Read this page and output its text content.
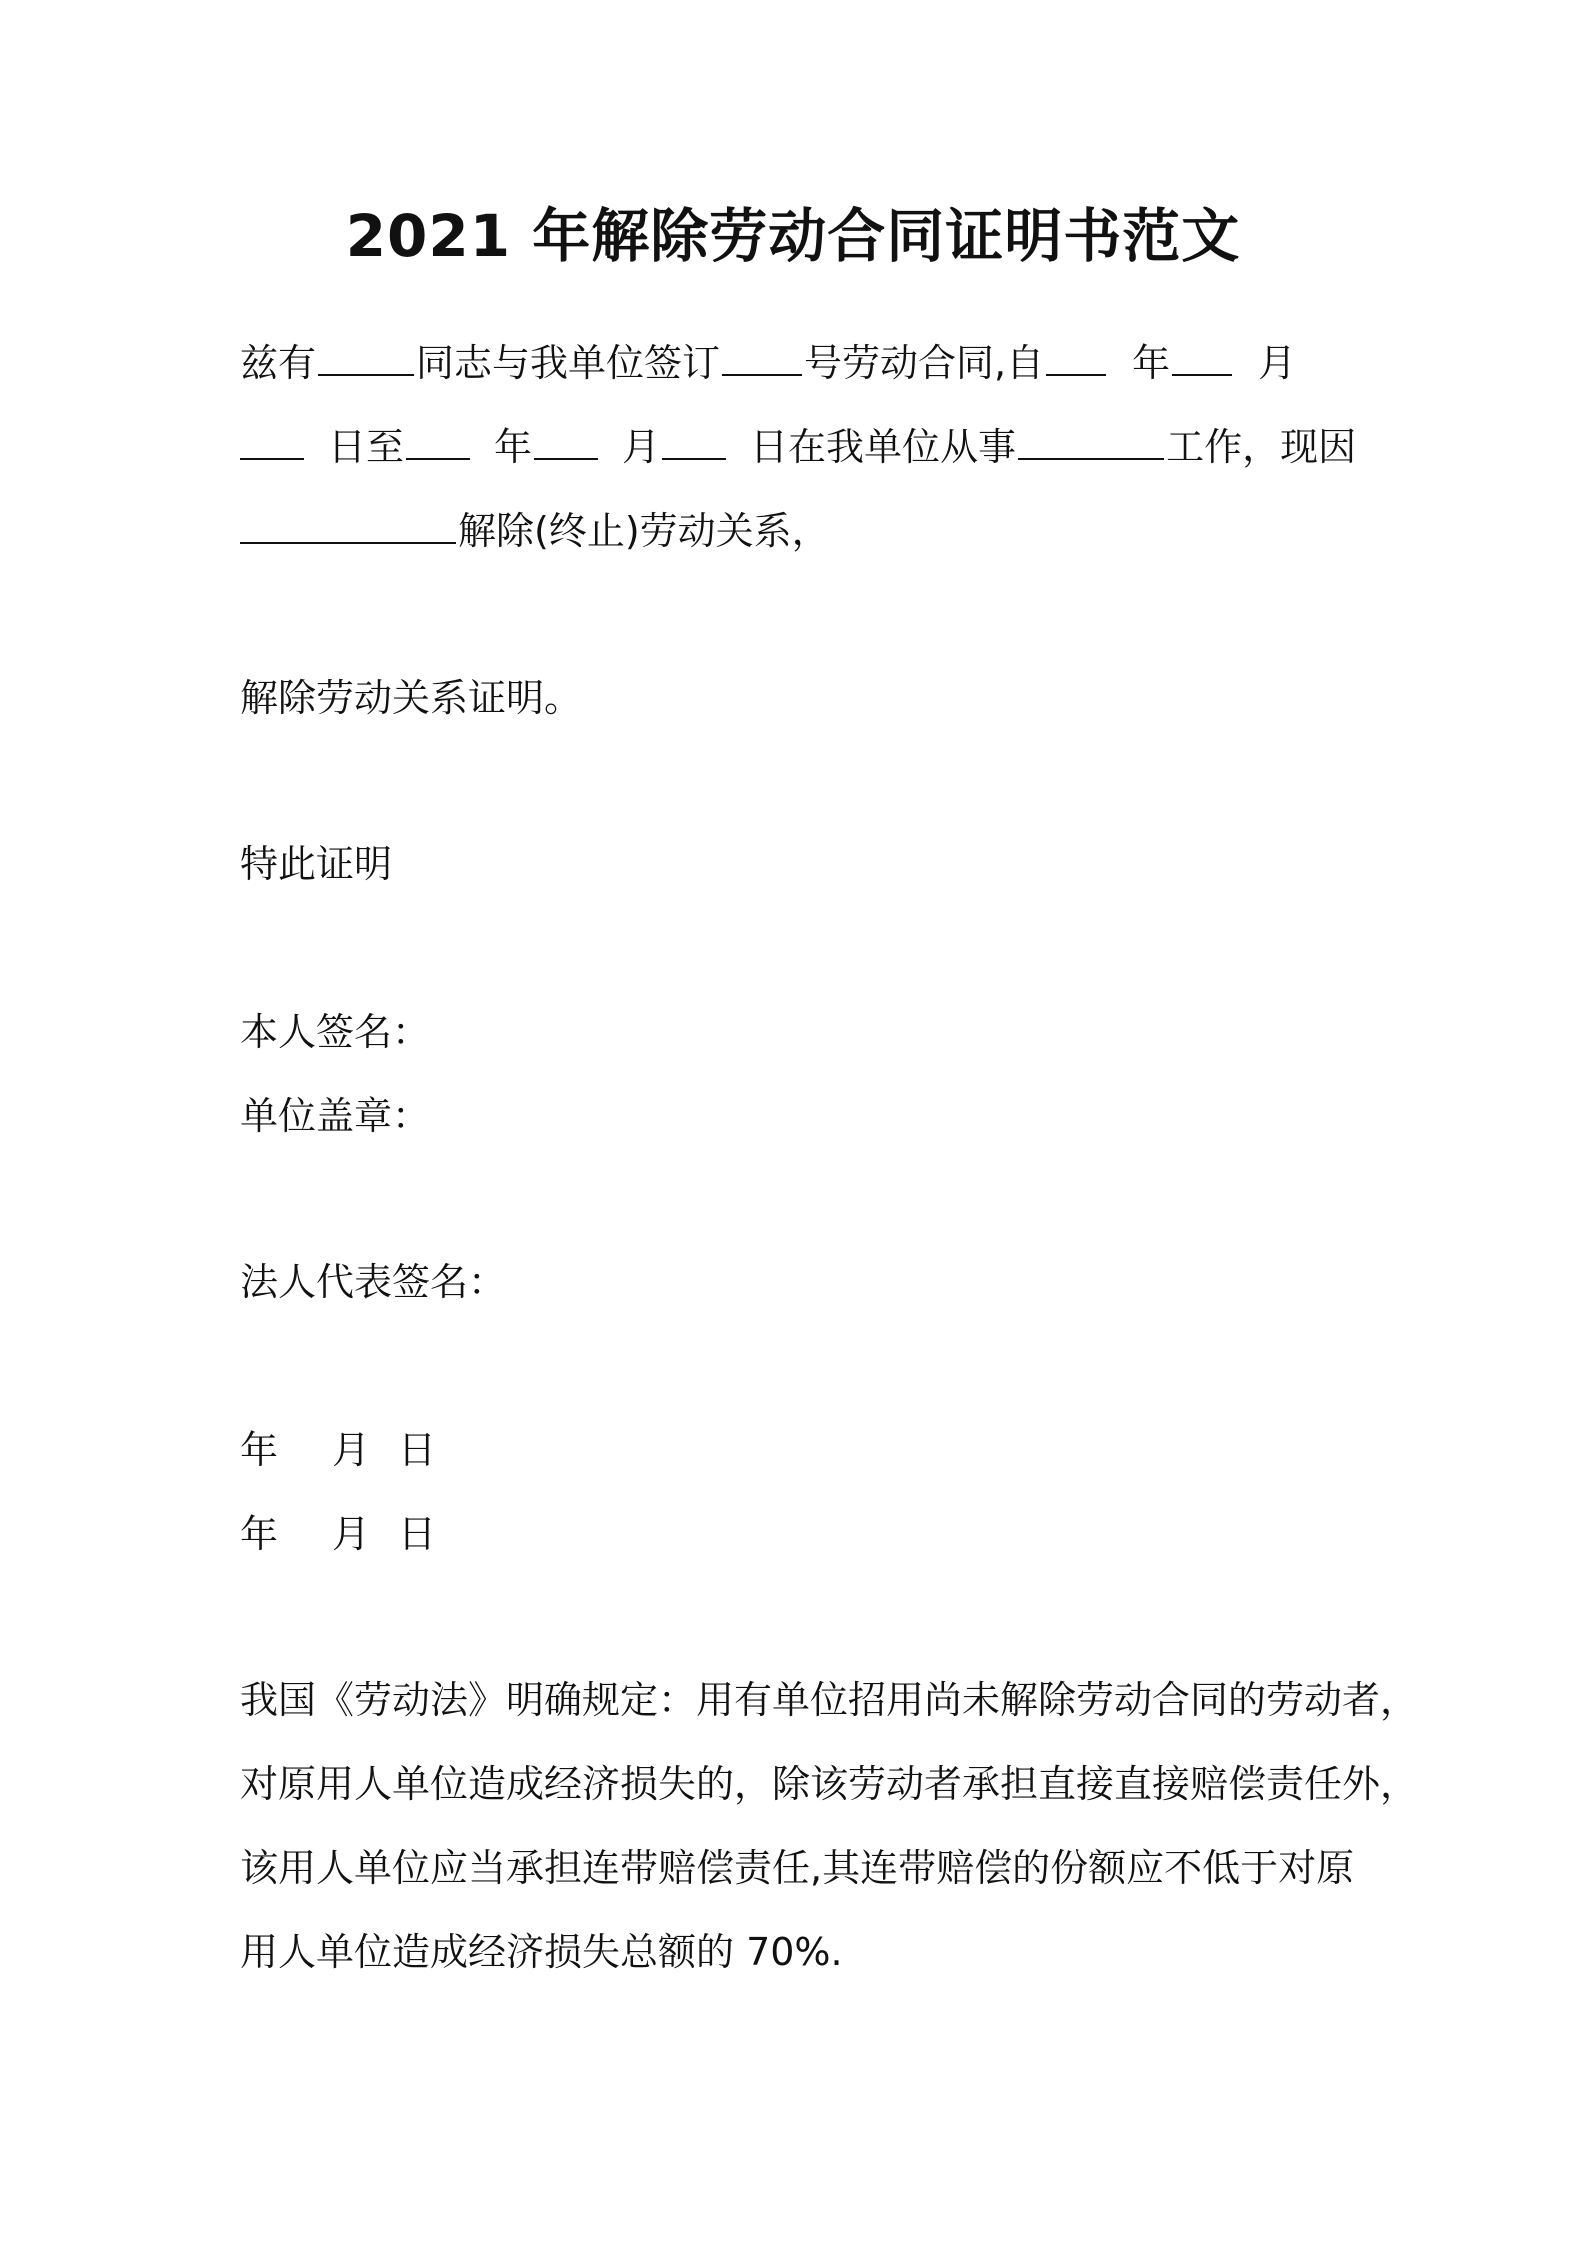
2021 年解除劳动合同证明书范文
兹有	同志与我单位签订 号劳动合同,自 年 月
日至 年 月 日在我单位从事	工作，现因
解除(终止)劳动关系，
解除劳动关系证明。
特此证明
本人签名：
单位盖章：
法人代表签名：
年 月 日
年 月 日
我国《劳动法》明确规定：用有单位招用尚未解除劳动合同的劳动者，
对原用人单位造成经济损失的，除该劳动者承担直接直接赔偿责任外，
该用人单位应当承担连带赔偿责任,其连带赔偿的份额应不低于对原
用人单位造成经济损失总额的 70%.
